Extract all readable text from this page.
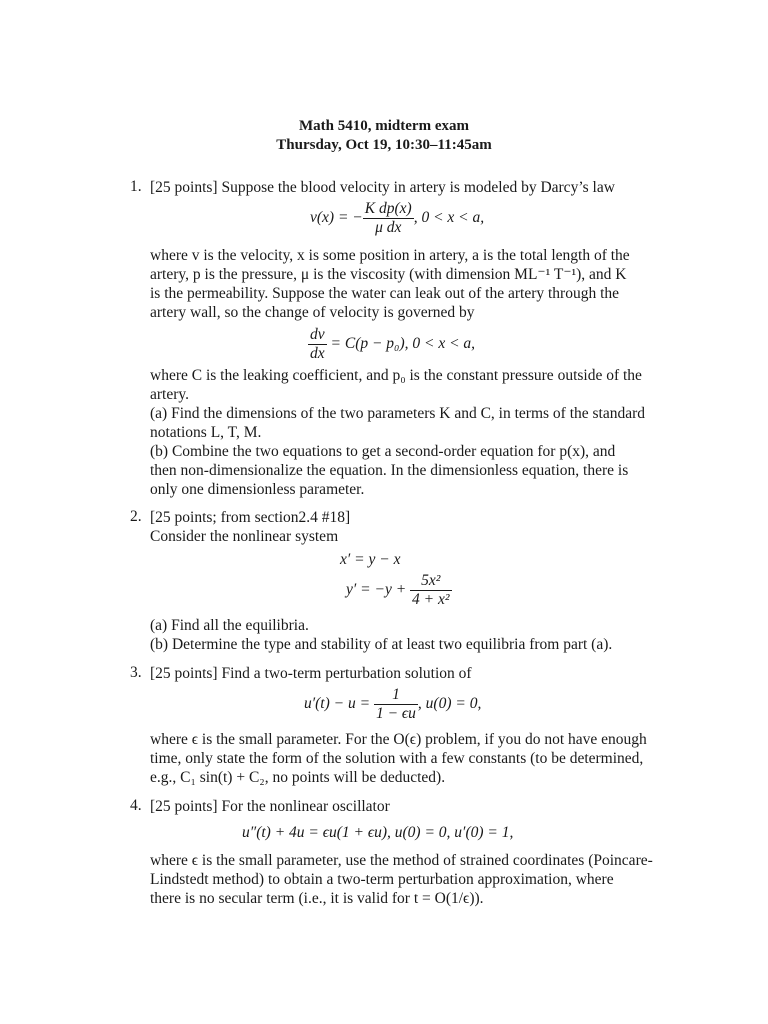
Math 5410, midterm exam
Thursday, Oct 19, 10:30–11:45am
1. [25 points] Suppose the blood velocity in artery is modeled by Darcy’s law
v(x) = − $\frac{\text{K dp(x)}}{\text{μ dx}}$ , 0 < x < a,
where v is the velocity, x is some position in artery, a is the total length of the
artery, p is the pressure, μ is the viscosity (with dimension ML⁻¹ T⁻¹), and K
is the permeability. Suppose the water can leak out of the artery through the
artery wall, so the change of velocity is governed by
$\frac{dv}{dx} = C(p - p_0)$, 0 < x < a,
where C is the leaking coefficient, and p₀ is the constant pressure outside of the
artery.
(a) Find the dimensions of the two parameters K and C, in terms of the standard
notations L, T, M.
(b) Combine the two equations to get a second-order equation for p(x), and
then non-dimensionalize the equation. In the dimensionless equation, there is
only one dimensionless parameter.
2. [25 points; from section2.4 #18]
Consider the nonlinear system
x′ = y − x
$y' = -y + \frac{\text{5x²}}{\text{4 + x²}}$
(a) Find all the equilibria.
(b) Determine the type and stability of at least two equilibria from part (a).
3. [25 points] Find a two-term perturbation solution of
$u'(t) - u = \frac{1}{1 - \epsilon u}$ , u(0) = 0,
where ϵ is the small parameter. For the O(ϵ) problem, if you do not have enough
time, only state the form of the solution with a few constants (to be determined,
e.g., C₁ sin(t) + C₂, no points will be deducted).
4. [25 points] For the nonlinear oscillator
u″(t) + 4u = ϵu(1 + ϵu), u(0) = 0, u′(0) = 1,
where ϵ is the small parameter, use the method of strained coordinates (Poincare-
Lindstedt method) to obtain a two-term perturbation approximation, where
there is no secular term (i.e., it is valid for t = O(1/ϵ)).
